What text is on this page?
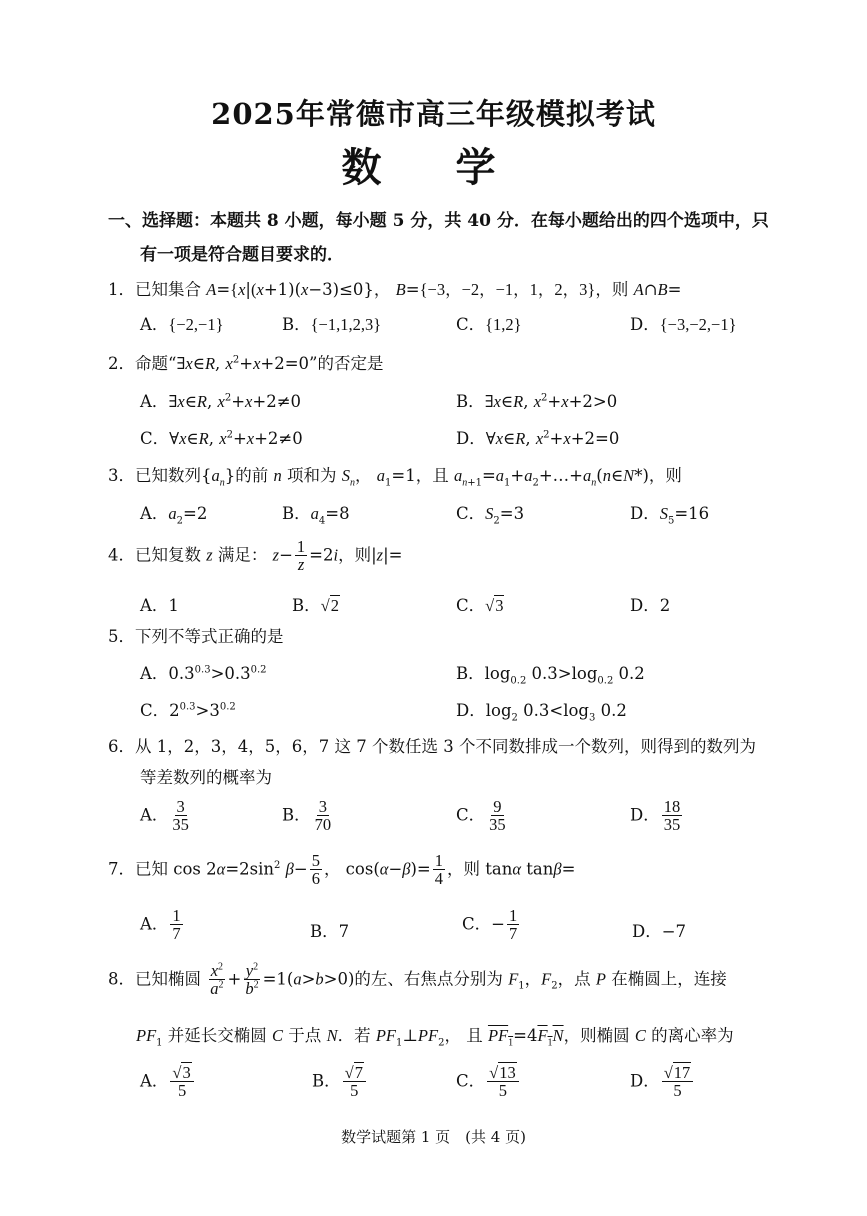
2025年常德市高三年级模拟考试
数 学
一、选择题：本题共 8 小题，每小题 5 分，共 40 分．在每小题给出的四个选项中，只
有一项是符合题目要求的．
1．已知集合 A={x|(x+1)(x−3)≤0}， B={−3，−2，−1，1，2，3}，则 A∩B=
A．{−2,−1}	B．{−1,1,2,3}	C．{1,2}	D．{−3,−2,−1}
2．命题“∃x∈R, $x^2+x+2=0$”的否定是
A．∃x∈R, $x^2+x+2\ne 0$	B．∃x∈R, $x^2+x+2>0$
C．∀x∈R, $x^2+x+2\ne 0$	D．∀x∈R, $x^2+x+2=0$
3．已知数列$\{a_n\}$的前 n 项和为 $S_n$， $a_1=1$，且 $a_{n+1}=a_1+a_2+\dots+a_n(n\in N*)$，则
A．$a_2=2$	B．$a_4=8$	C．$S_2=3$	D．$S_5=16$
4．已知复数 z 满足： $z- \frac{1}{z} =2i$，则|z|=
A．1	B．√2	C．√3	D．2
5．下列不等式正确的是
A．$0.3^{0.3}>0.3^{0.2}$	B．$\log_{0.2} 0.3>\log_{0.2}$ 0.2
C．$2^{0.3}>3^{0.2}$	D．$\log_2 0.3<\log_3$ 0.2
6．从 1，2，3，4，5，6，7 这 7 个数任选 3 个不同数排成一个数列，则得到的数列为
等差数列的概率为
A． $\frac{3}{35}$	B． $\frac{3}{70}$	C． $\frac{9}{35}$	D． $\frac{18}{35}$
7．已知 $\cos 2\alpha=2\sin^2$ $\beta- \frac{5}{6}$ ， $\cos(\alpha-\beta)= \frac{1}{4}$ ，则 tanα tanβ=
A． $\frac{1}{7}$	B．7	C．− $\frac{1}{7}$	D．−7
8．已知椭圆 $\frac{x^2}{a^2} + \frac{y^2}{b^2} =1(a>b>0)$的左、右焦点分别为 $F_1$，$F_2$，点 P 在椭圆上，连接
$PF_1$ 并延长交椭圆 C 于点 N．若 $PF_1\perp PF_2$， 且 $PF_1=4F_1N$，则椭圆 C 的离心率为
A． $\frac{√3}{5}$	B． $\frac{√7}{5}$	C． $\frac{√13}{5}$	D． $\frac{√17}{5}$
数学试题第 1 页　(共 4 页)
